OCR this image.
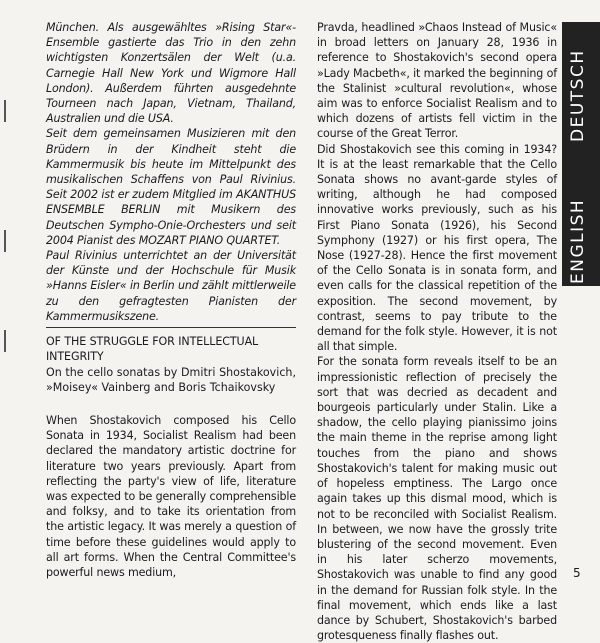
München. Als ausgewähltes »Rising Star«-Ensemble gastierte das Trio in den zehn wichtigsten Konzertsälen der Welt (u.a. Carnegie Hall New York und Wigmore Hall London). Außerdem führten ausgedehnte Tourneen nach Japan, Vietnam, Thailand, Australien und die USA.

Seit dem gemeinsamen Musizieren mit den Brüdern in der Kindheit steht die Kammermusik bis heute im Mittelpunkt des musikalischen Schaffens von Paul Rivinius. Seit 2002 ist er zudem Mitglied im AKANTHUS ENSEMBLE BERLIN mit Musikern des Deutschen Sympho-Onie-Orchesters und seit 2004 Pianist des MOZART PIANO QUARTET.

Paul Rivinius unterrichtet an der Universität der Künste und der Hochschule für Musik »Hanns Eisler« in Berlin und zählt mittlerweile zu den gefragtesten Pianisten der Kammermusikszene.

OF THE STRUGGLE FOR INTELLECTUAL INTEGRITY

On the cello sonatas by Dmitri Shostakovich, »Moisey« Vainberg and Boris Tchaikovsky

When Shostakovich composed his Cello Sonata in 1934, Socialist Realism had been declared the mandatory artistic doctrine for literature two years previously. Apart from reflecting the party's view of life, literature was expected to be generally comprehensible and folksy, and to take its orientation from the artistic legacy. It was merely a question of time before these guidelines would apply to all art forms. When the Central Committee's powerful news medium,

Pravda, headlined »Chaos Instead of Music« in broad letters on January 28, 1936 in reference to Shostakovich's second opera »Lady Macbeth«, it marked the beginning of the Stalinist »cultural revolution«, whose aim was to enforce Socialist Realism and to which dozens of artists fell victim in the course of the Great Terror.

Did Shostakovich see this coming in 1934? It is at the least remarkable that the Cello Sonata shows no avant-garde styles of writing, although he had composed innovative works previously, such as his First Piano Sonata (1926), his Second Symphony (1927) or his first opera, The Nose (1927-28). Hence the first movement of the Cello Sonata is in sonata form, and even calls for the classical repetition of the exposition. The second movement, by contrast, seems to pay tribute to the demand for the folk style. However, it is not all that simple.

For the sonata form reveals itself to be an impressionistic reflection of precisely the sort that was decried as decadent and bourgeois particularly under Stalin. Like a shadow, the cello playing pianissimo joins the main theme in the reprise among light touches from the piano and shows Shostakovich's talent for making music out of hopeless emptiness. The Largo once again takes up this dismal mood, which is not to be reconciled with Socialist Realism. In between, we now have the grossly trite blustering of the second movement. Even in his later scherzo movements, Shostakovich was unable to find any good in the demand for Russian folk style. In the final movement, which ends like a last dance by Schubert, Shostakovich's barbed grotesqueness finally flashes out.

DEUTSCH
ENGLISH
5
